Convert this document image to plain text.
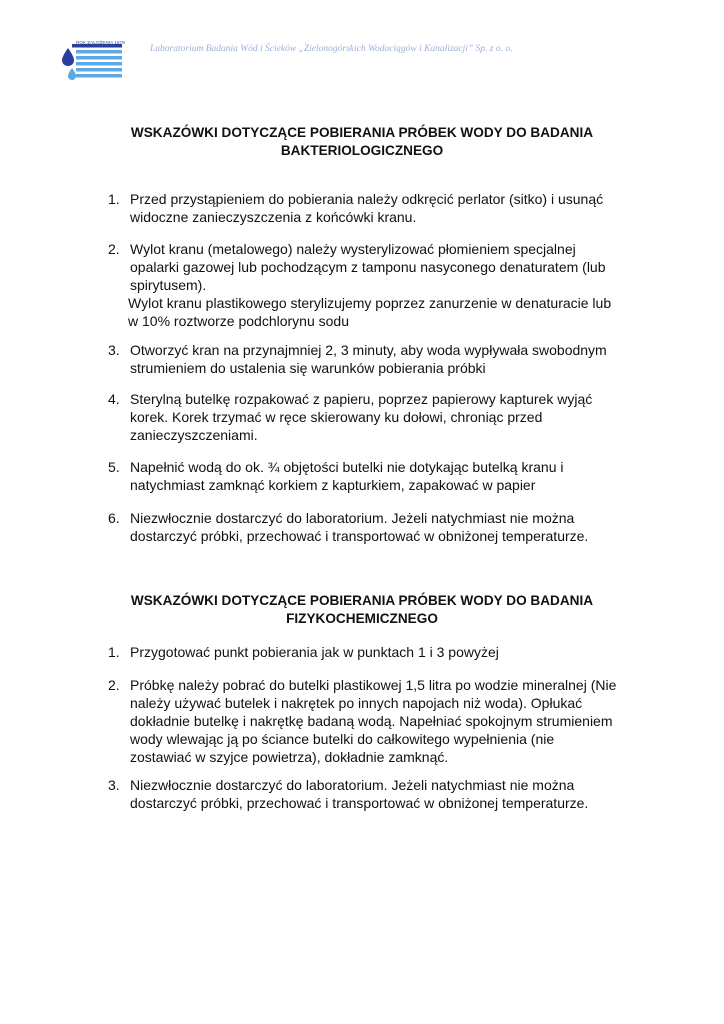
ROK ZAŁOŻENIA 1878
Laboratorium Badania Wód i Ścieków „Zielonogórskich Wodociągów i Kanalizacji” Sp. z o. o.
WSKAZÓWKI DOTYCZĄCE POBIERANIA PRÓBEK WODY DO BADANIA
BAKTERIOLOGICZNEGO
1. Przed przystąpieniem do pobierania należy odkręcić perlator (sitko) i usunąć
widoczne zanieczyszczenia z końcówki kranu.
2. Wylot kranu (metalowego) należy wysterylizować płomieniem specjalnej
opalarki gazowej lub pochodzącym z tamponu nasyconego denaturatem (lub
spirytusem).
Wylot kranu plastikowego sterylizujemy poprzez zanurzenie w denaturacie lub
w 10% roztworze podchlorynu sodu
3. Otworzyć kran na przynajmniej 2, 3 minuty, aby woda wypływała swobodnym
strumieniem do ustalenia się warunków pobierania próbki
4. Sterylną butelkę rozpakować z papieru, poprzez papierowy kapturek wyjąć
korek. Korek trzymać w ręce skierowany ku dołowi, chroniąc przed
zanieczyszczeniami.
5. Napełnić wodą do ok. ¾ objętości butelki nie dotykając butelką kranu i
natychmiast zamknąć korkiem z kapturkiem, zapakować w papier
6. Niezwłocznie dostarczyć do laboratorium. Jeżeli natychmiast nie można
dostarczyć próbki, przechować i transportować w obniżonej temperaturze.
WSKAZÓWKI DOTYCZĄCE POBIERANIA PRÓBEK WODY DO BADANIA
FIZYKOCHEMICZNEGO
1. Przygotować punkt pobierania jak w punktach 1 i 3 powyżej
2. Próbkę należy pobrać do butelki plastikowej 1,5 litra po wodzie mineralnej (Nie
należy używać butelek i nakrętek po innych napojach niż woda). Opłukać
dokładnie butelkę i nakrętkę badaną wodą. Napełniać spokojnym strumieniem
wody wlewając ją po ściance butelki do całkowitego wypełnienia (nie
zostawiać w szyjce powietrza), dokładnie zamknąć.
3. Niezwłocznie dostarczyć do laboratorium. Jeżeli natychmiast nie można
dostarczyć próbki, przechować i transportować w obniżonej temperaturze.
